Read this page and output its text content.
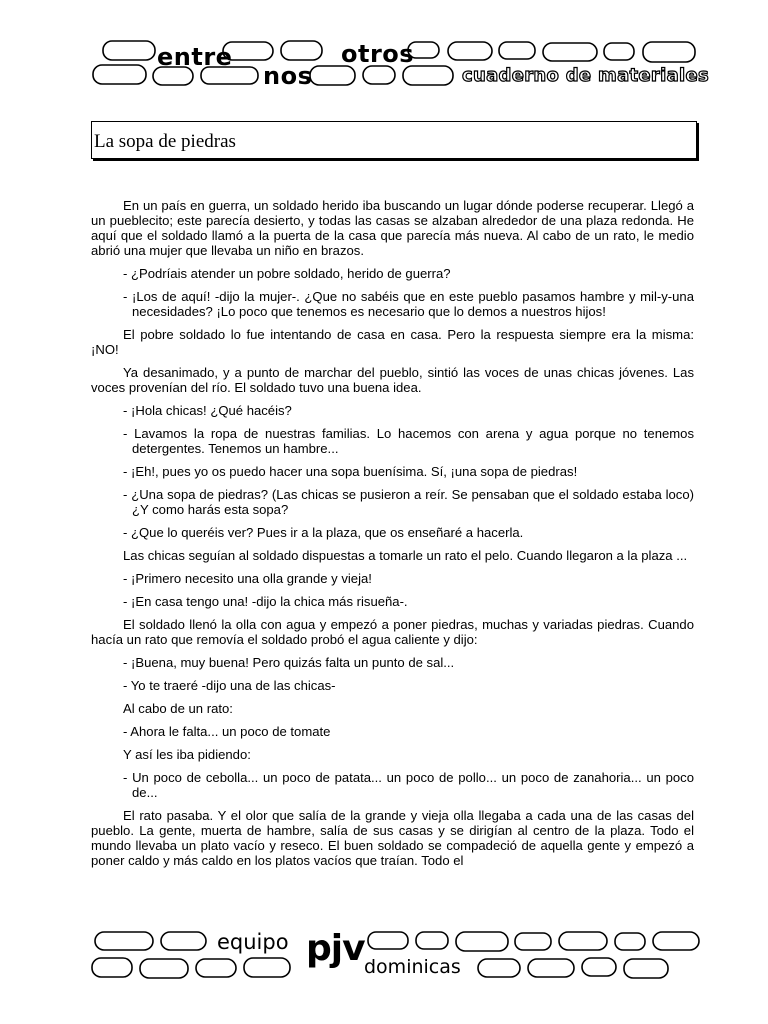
entre
nos
otros
cuaderno de materiales
La sopa de piedras

En un país en guerra, un soldado herido iba buscando un lugar dónde poderse recuperar. Llegó a un pueblecito; este parecía desierto, y todas las casas se alzaban alrededor de una plaza redonda. He aquí que el soldado llamó a la puerta de la casa que parecía más nueva. Al cabo de un rato, le medio abrió una mujer que llevaba un niño en brazos.

- ¿Podríais atender un pobre soldado, herido de guerra?

- ¡Los de aquí! -dijo la mujer-. ¿Que no sabéis que en este pueblo pasamos hambre y mil-y-una necesidades? ¡Lo poco que tenemos es necesario que lo demos a nuestros hijos!

El pobre soldado lo fue intentando de casa en casa. Pero la respuesta siempre era la misma: ¡NO!

Ya desanimado, y a punto de marchar del pueblo, sintió las voces de unas chicas jóvenes. Las voces provenían del río. El soldado tuvo una buena idea.

- ¡Hola chicas! ¿Qué hacéis?

- Lavamos la ropa de nuestras familias. Lo hacemos con arena y agua porque no tenemos detergentes. Tenemos un hambre...

- ¡Eh!, pues yo os puedo hacer una sopa buenísima. Sí, ¡una sopa de piedras!

- ¿Una sopa de piedras? (Las chicas se pusieron a reír. Se pensaban que el soldado estaba loco) ¿Y como harás esta sopa?

- ¿Que lo queréis ver? Pues ir a la plaza, que os enseñaré a hacerla.

Las chicas seguían al soldado dispuestas a tomarle un rato el pelo. Cuando llegaron a la plaza ...

- ¡Primero necesito una olla grande y vieja!

- ¡En casa tengo una! -dijo la chica más risueña-.

El soldado llenó la olla con agua y empezó a poner piedras, muchas y variadas piedras. Cuando hacía un rato que removía el soldado probó el agua caliente y dijo:

- ¡Buena, muy buena! Pero quizás falta un punto de sal...

- Yo te traeré -dijo una de las chicas-

Al cabo de un rato:

- Ahora le falta... un poco de tomate

Y así les iba pidiendo:

- Un poco de cebolla... un poco de patata... un poco de pollo... un poco de zanahoria... un poco de...

El rato pasaba. Y el olor que salía de la grande y vieja olla llegaba a cada una de las casas del pueblo. La gente, muerta de hambre, salía de sus casas y se dirigían al centro de la plaza. Todo el mundo llevaba un plato vacío y reseco. El buen soldado se compadeció de aquella gente y empezó a poner caldo y más caldo en los platos vacíos que traían. Todo el

equipo pjv dominicas
